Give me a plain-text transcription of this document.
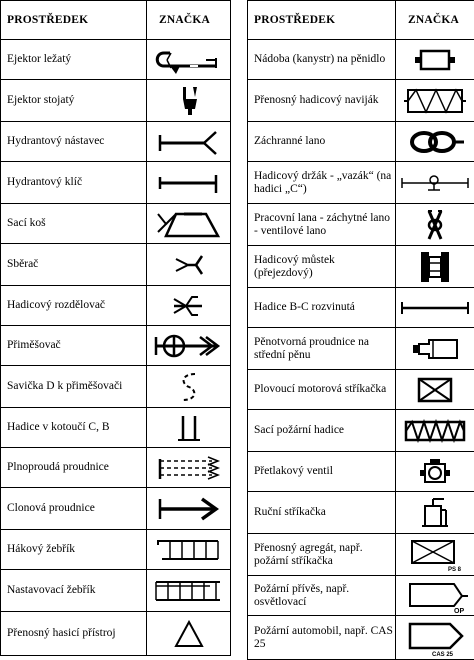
PROSTŘEDEK	ZNAČKA
Ejektor ležatý	

Ejektor stojatý	

Hydrantový nástavec	

Hydrantový klíč	

Sací koš	

Sběrač	

Hadicový rozdělovač	

Přiměšovač	

Savička D k přiměšovači	

Hadice v kotoučí C, B	

Plnoproudá proudnice	

Clonová proudnice	

Hákový žebřík	

Nastavovací žebřík	

Přenosný hasicí přístroj	
PROSTŘEDEK	ZNAČKA
Nádoba (kanystr) na pěnidlo	

Přenosný hadicový naviják	

Záchranné lano	

Hadicový držák - „vazák“ (na hadici „C“)	

Pracovní lana - záchytné lano - ventilové lano	

Hadicový můstek (přejezdový)	

Hadice B-C rozvinutá	

Pěnotvorná proudnice na střední pěnu	

Plovoucí motorová stříkačka	

Sací požární hadice	

Přetlakový ventil	

Ruční stříkačka	

Přenosný agregát, např. požární stříkačka	PS 8

Požární přívěs, např. osvětlovací	OP

Požární automobil, např. CAS 25	CAS 25
